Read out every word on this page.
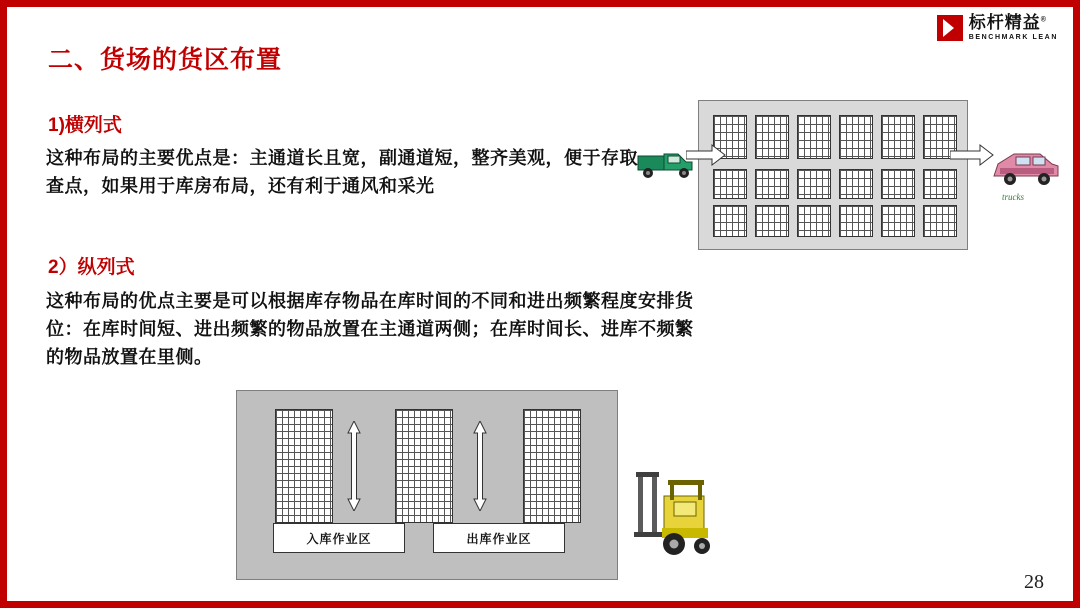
标杆精益®
BENCHMARK LEAN
二、货场的货区布置
1)横列式
这种布局的主要优点是：主通道长且宽，副通道短，整齐美观，便于存取查点，如果用于库房布局，还有利于通风和采光
2）纵列式
这种布局的优点主要是可以根据库存物品在库时间的不同和进出频繁程度安排货位：在库时间短、进出频繁的物品放置在主通道两侧；在库时间长、进库不频繁的物品放置在里侧。
trucks
入库作业区	出库作业区
28
